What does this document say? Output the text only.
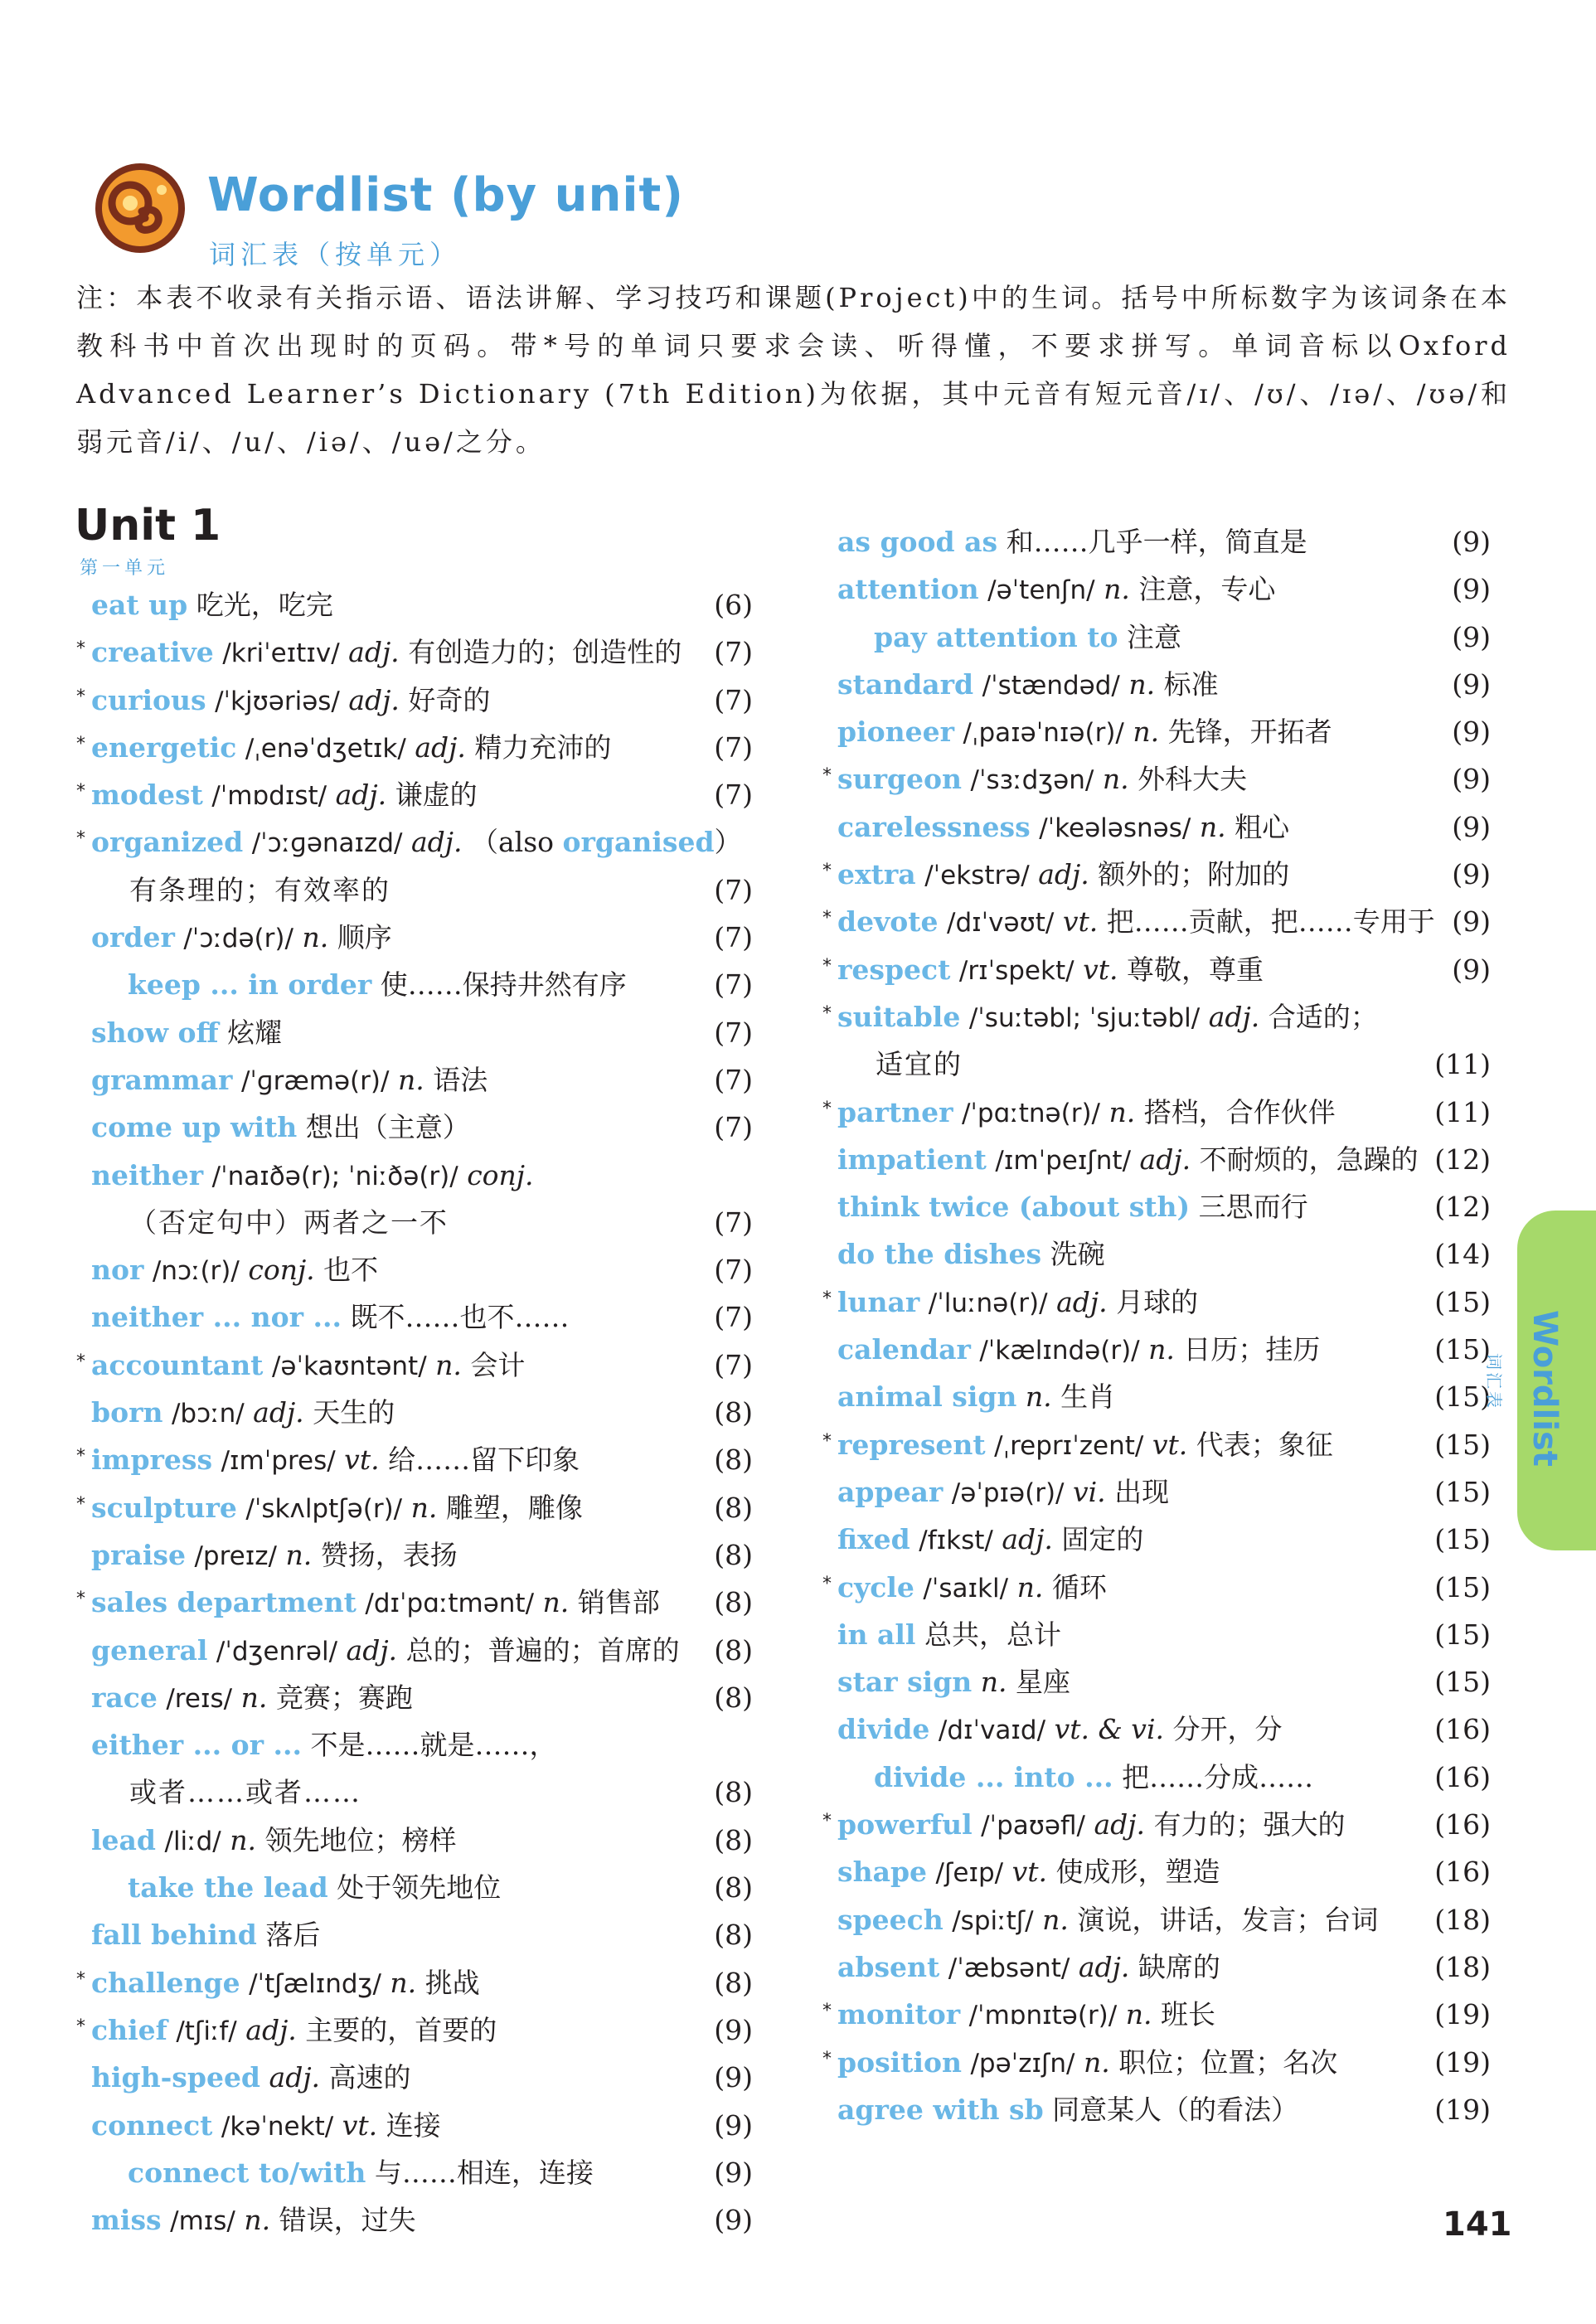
Wordlist (by unit)
词汇表（按单元）

注：本表不收录有关指示语、语法讲解、学习技巧和课题(Project)中的生词。括号中所标数字为该词条在本教科书中首次出现时的页码。带*号的单词只要求会读、听得懂，不要求拼写。单词音标以Oxford Advanced Learner’s Dictionary (7th Edition)为依据，其中元音有短元音/ɪ/、/ʊ/、/ɪə/、/ʊə/和弱元音/i/、/u/、/iə/、/uə/之分。

Unit 1
第一单元
eat up 吃光，吃完	(6)
* creative /kriˈeɪtɪv/ adj. 有创造力的；创造性的 (7)
* curious /ˈkjʊəriəs/ adj. 好奇的	(7)
* energetic /ˌenəˈdʒetɪk/ adj. 精力充沛的	(7)
* modest /ˈmɒdɪst/ adj. 谦虚的	(7)
* organized /ˈɔːɡənaɪzd/ adj. （also organised）
有条理的；有效率的	(7)
order /ˈɔːdə(r)/ n. 顺序	(7)
keep ... in order 使……保持井然有序	(7)
show off 炫耀	(7)
grammar /ˈɡræmə(r)/ n. 语法	(7)
come up with 想出（主意）	(7)
neither /ˈnaɪðə(r); ˈniːðə(r)/ conj.
（否定句中）两者之一不	(7)
nor /nɔː(r)/ conj. 也不	(7)
neither ... nor ... 既不……也不……	(7)
* accountant /əˈkaʊntənt/ n. 会计	(7)
born /bɔːn/ adj. 天生的	(8)
* impress /ɪmˈpres/ vt. 给……留下印象	(8)
* sculpture /ˈskʌlptʃə(r)/ n. 雕塑，雕像	(8)
praise /preɪz/ n. 赞扬，表扬	(8)
* sales department /dɪˈpɑːtmənt/ n. 销售部 (8)
general /ˈdʒenrəl/ adj. 总的；普遍的；首席的 (8)
race /reɪs/ n. 竞赛；赛跑	(8)
either ... or ... 不是……就是……，
或者……或者……	(8)
lead /liːd/ n. 领先地位；榜样	(8)
take the lead 处于领先地位	(8)
fall behind 落后	(8)
* challenge /ˈtʃælɪndʒ/ n. 挑战	(8)
* chief /tʃiːf/ adj. 主要的，首要的	(9)
high-speed adj. 高速的	(9)
connect /kəˈnekt/ vt. 连接	(9)
connect to/with 与……相连，连接	(9)
miss /mɪs/ n. 错误，过失	(9)
as good as 和……几乎一样，简直是	(9)
attention /əˈtenʃn/ n. 注意，专心	(9)
pay attention to 注意	(9)
standard /ˈstændəd/ n. 标准	(9)
pioneer /ˌpaɪəˈnɪə(r)/ n. 先锋，开拓者	(9)
* surgeon /ˈsɜːdʒən/ n. 外科大夫	(9)
carelessness /ˈkeələsnəs/ n. 粗心	(9)
* extra /ˈekstrə/ adj. 额外的；附加的	(9)
* devote /dɪˈvəʊt/ vt. 把……贡献，把……专用于 (9)
* respect /rɪˈspekt/ vt. 尊敬，尊重	(9)
* suitable /ˈsuːtəbl; ˈsjuːtəbl/ adj. 合适的；
适宜的	(11)
* partner /ˈpɑːtnə(r)/ n. 搭档，合作伙伴	(11)
impatient /ɪmˈpeɪʃnt/ adj. 不耐烦的，急躁的 (12)
think twice (about sth) 三思而行	(12)
do the dishes 洗碗	(14)
* lunar /ˈluːnə(r)/ adj. 月球的	(15)
calendar /ˈkælɪndə(r)/ n. 日历；挂历	(15)
animal sign n. 生肖	(15)
* represent /ˌreprɪˈzent/ vt. 代表；象征	(15)
appear /əˈpɪə(r)/ vi. 出现	(15)
fixed /fɪkst/ adj. 固定的	(15)
* cycle /ˈsaɪkl/ n. 循环	(15)
in all 总共，总计	(15)
star sign n. 星座	(15)
divide /dɪˈvaɪd/ vt. & vi. 分开，分	(16)
divide ... into ... 把……分成……	(16)
* powerful /ˈpaʊəfl/ adj. 有力的；强大的	(16)
shape /ʃeɪp/ vt. 使成形，塑造	(16)
speech /spiːtʃ/ n. 演说，讲话，发言；台词 (18)
absent /ˈæbsənt/ adj. 缺席的	(18)
* monitor /ˈmɒnɪtə(r)/ n. 班长	(19)
* position /pəˈzɪʃn/ n. 职位；位置；名次	(19)
agree with sb 同意某人（的看法）	(19)
Wordlist
词汇表
141
